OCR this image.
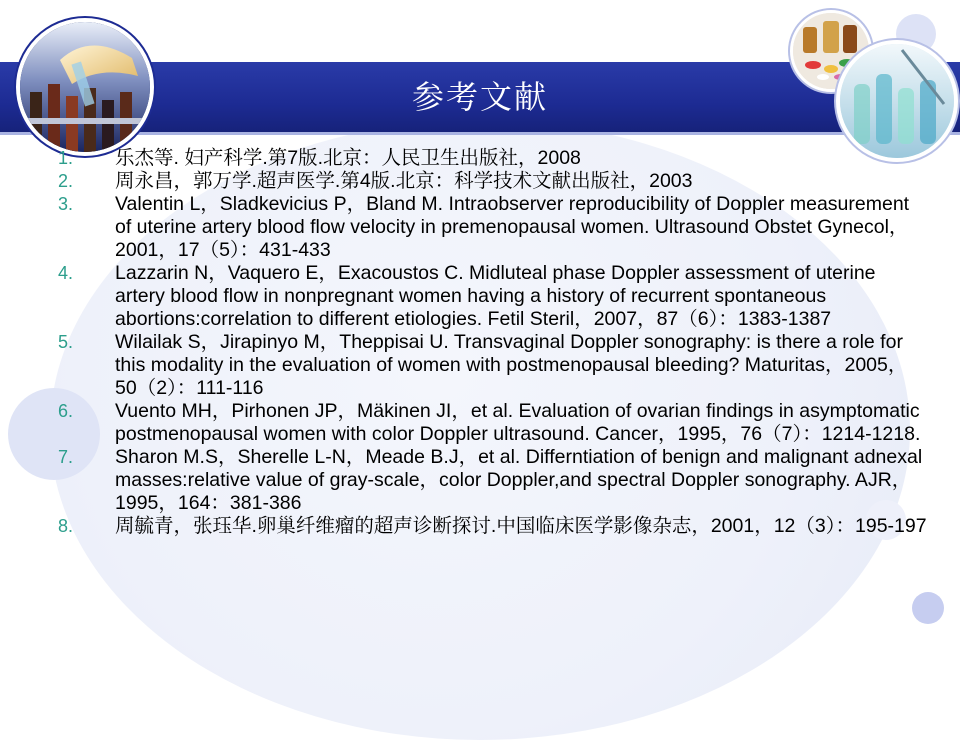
参考文献
1.	乐杰等. 妇产科学.第7版.北京：人民卫生出版社，2008
2.	周永昌，郭万学.超声医学.第4版.北京：科学技术文献出版社，2003
3.	Valentin L，Sladkevicius P，Bland M. Intraobserver reproducibility of Doppler measurement of uterine artery blood flow velocity in premenopausal women. Ultrasound Obstet Gynecol，2001，17（5）：431-433
4.	Lazzarin N，Vaquero E，Exacoustos C. Midluteal phase Doppler assessment of uterine artery blood flow in nonpregnant women having a history of recurrent spontaneous abortions:correlation to different etiologies. Fetil Steril，2007，87（6）：1383-1387
5.	Wilailak S，Jirapinyo M，Theppisai U. Transvaginal Doppler sonography: is there a role for this modality in the evaluation of women with postmenopausal bleeding? Maturitas，2005，50（2）：111-116
6.	Vuento MH，Pirhonen JP，Mäkinen JI，et al. Evaluation of ovarian findings in asymptomatic postmenopausal women with color Doppler ultrasound. Cancer，1995，76（7）：1214-1218.
7.	Sharon M.S，Sherelle L-N，Meade B.J，et al. Differntiation of benign and malignant adnexal masses:relative value of gray-scale，color Doppler,and spectral Doppler sonography. AJR，1995，164：381-386
8.	周毓青，张珏华.卵巢纤维瘤的超声诊断探讨.中国临床医学影像杂志，2001，12（3）：195-197
